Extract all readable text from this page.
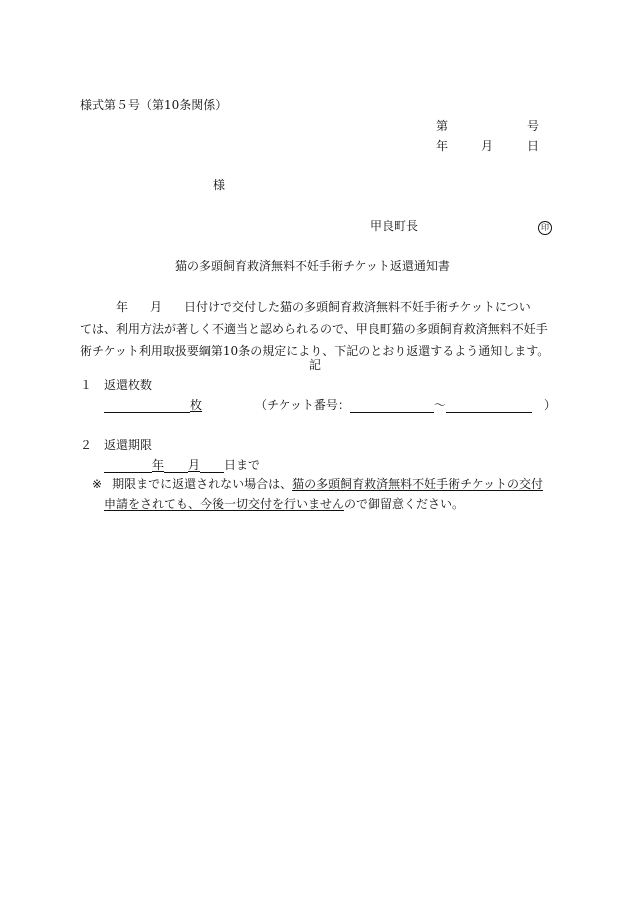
様式第５号（第10条関係）
第	号
年	月	日
様
甲良町長	印
猫の多頭飼育救済無料不妊手術チケット返還通知書
年 月 日付けで交付した猫の多頭飼育救済無料不妊手術チケットについ
ては、利用方法が著しく不適当と認められるので、甲良町猫の多頭飼育救済無料不妊手
術チケット利用取扱要綱第10条の規定により、下記のとおり返還するよう通知します。
記
１ 返還枚数
枚	（チケット番号：	～	）
２ 返還期限
年 月 日まで
※ 期限までに返還されない場合は、猫の多頭飼育救済無料不妊手術チケットの交付
申請をされても、今後一切交付を行いませんので御留意ください。
